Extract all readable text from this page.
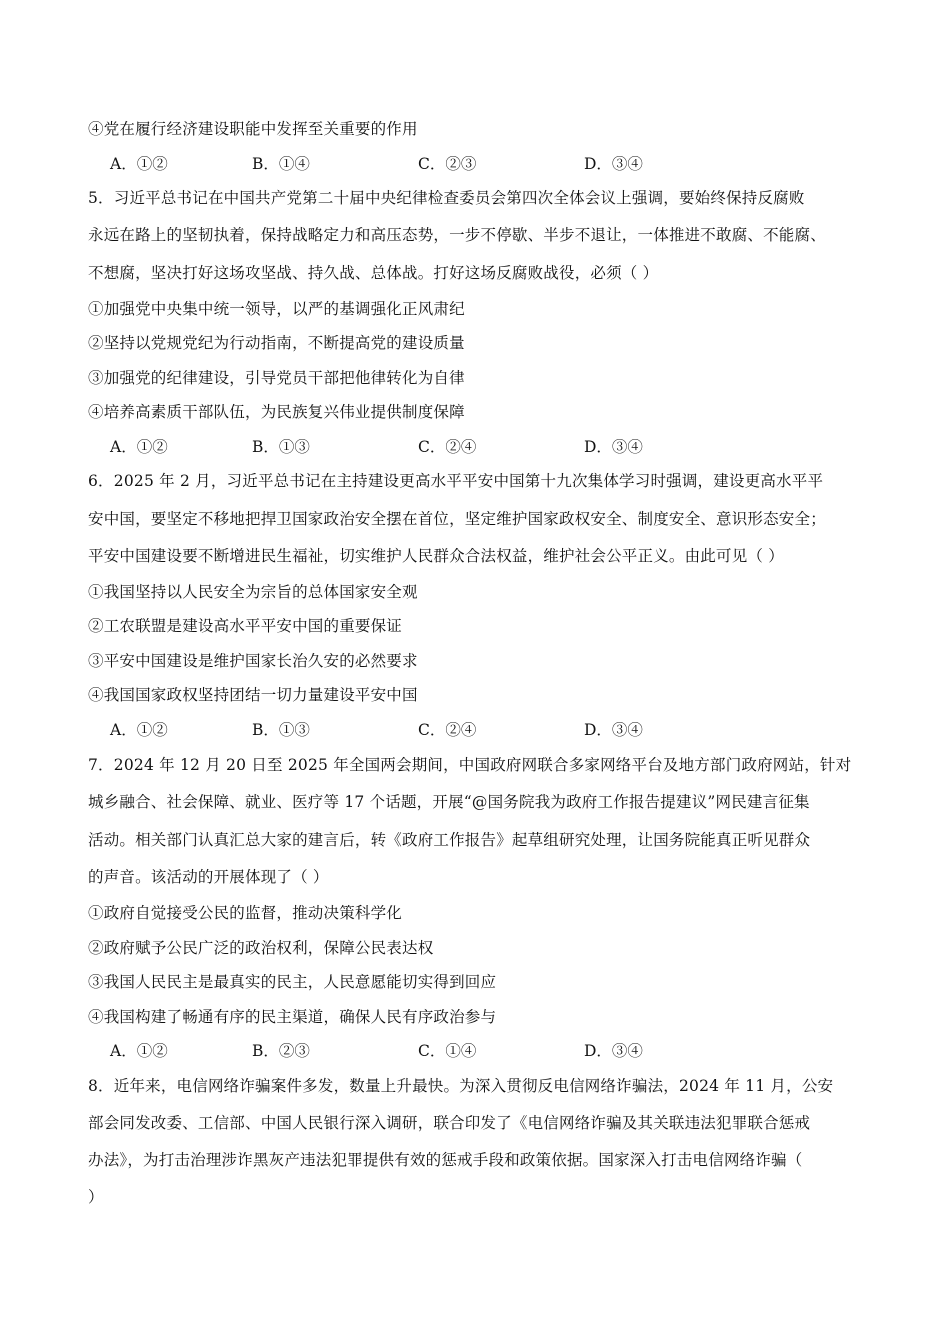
④党在履行经济建设职能中发挥至关重要的作用
A．①②	B．①④	C．②③	D．③④
5．习近平总书记在中国共产党第二十届中央纪律检查委员会第四次全体会议上强调，要始终保持反腐败
永远在路上的坚韧执着，保持战略定力和高压态势，一步不停歇、半步不退让，一体推进不敢腐、不能腐、
不想腐，坚决打好这场攻坚战、持久战、总体战。打好这场反腐败战役，必须（ ）
①加强党中央集中统一领导，以严的基调强化正风肃纪
②坚持以党规党纪为行动指南，不断提高党的建设质量
③加强党的纪律建设，引导党员干部把他律转化为自律
④培养高素质干部队伍，为民族复兴伟业提供制度保障
A．①②	B．①③	C．②④	D．③④
6．2025 年 2 月，习近平总书记在主持建设更高水平平安中国第十九次集体学习时强调，建设更高水平平
安中国，要坚定不移地把捍卫国家政治安全摆在首位，坚定维护国家政权安全、制度安全、意识形态安全；
平安中国建设要不断增进民生福祉，切实维护人民群众合法权益，维护社会公平正义。由此可见（ ）
①我国坚持以人民安全为宗旨的总体国家安全观
②工农联盟是建设高水平平安中国的重要保证
③平安中国建设是维护国家长治久安的必然要求
④我国国家政权坚持团结一切力量建设平安中国
A．①②	B．①③	C．②④	D．③④
7．2024 年 12 月 20 日至 2025 年全国两会期间，中国政府网联合多家网络平台及地方部门政府网站，针对
城乡融合、社会保障、就业、医疗等 17 个话题，开展“@国务院我为政府工作报告提建议”网民建言征集
活动。相关部门认真汇总大家的建言后，转《政府工作报告》起草组研究处理，让国务院能真正听见群众
的声音。该活动的开展体现了（ ）
①政府自觉接受公民的监督，推动决策科学化
②政府赋予公民广泛的政治权利，保障公民表达权
③我国人民民主是最真实的民主，人民意愿能切实得到回应
④我国构建了畅通有序的民主渠道，确保人民有序政治参与
A．①②	B．②③	C．①④	D．③④
8．近年来，电信网络诈骗案件多发，数量上升最快。为深入贯彻反电信网络诈骗法，2024 年 11 月，公安
部会同发改委、工信部、中国人民银行深入调研，联合印发了《电信网络诈骗及其关联违法犯罪联合惩戒
办法》，为打击治理涉诈黑灰产违法犯罪提供有效的惩戒手段和政策依据。国家深入打击电信网络诈骗（
）
